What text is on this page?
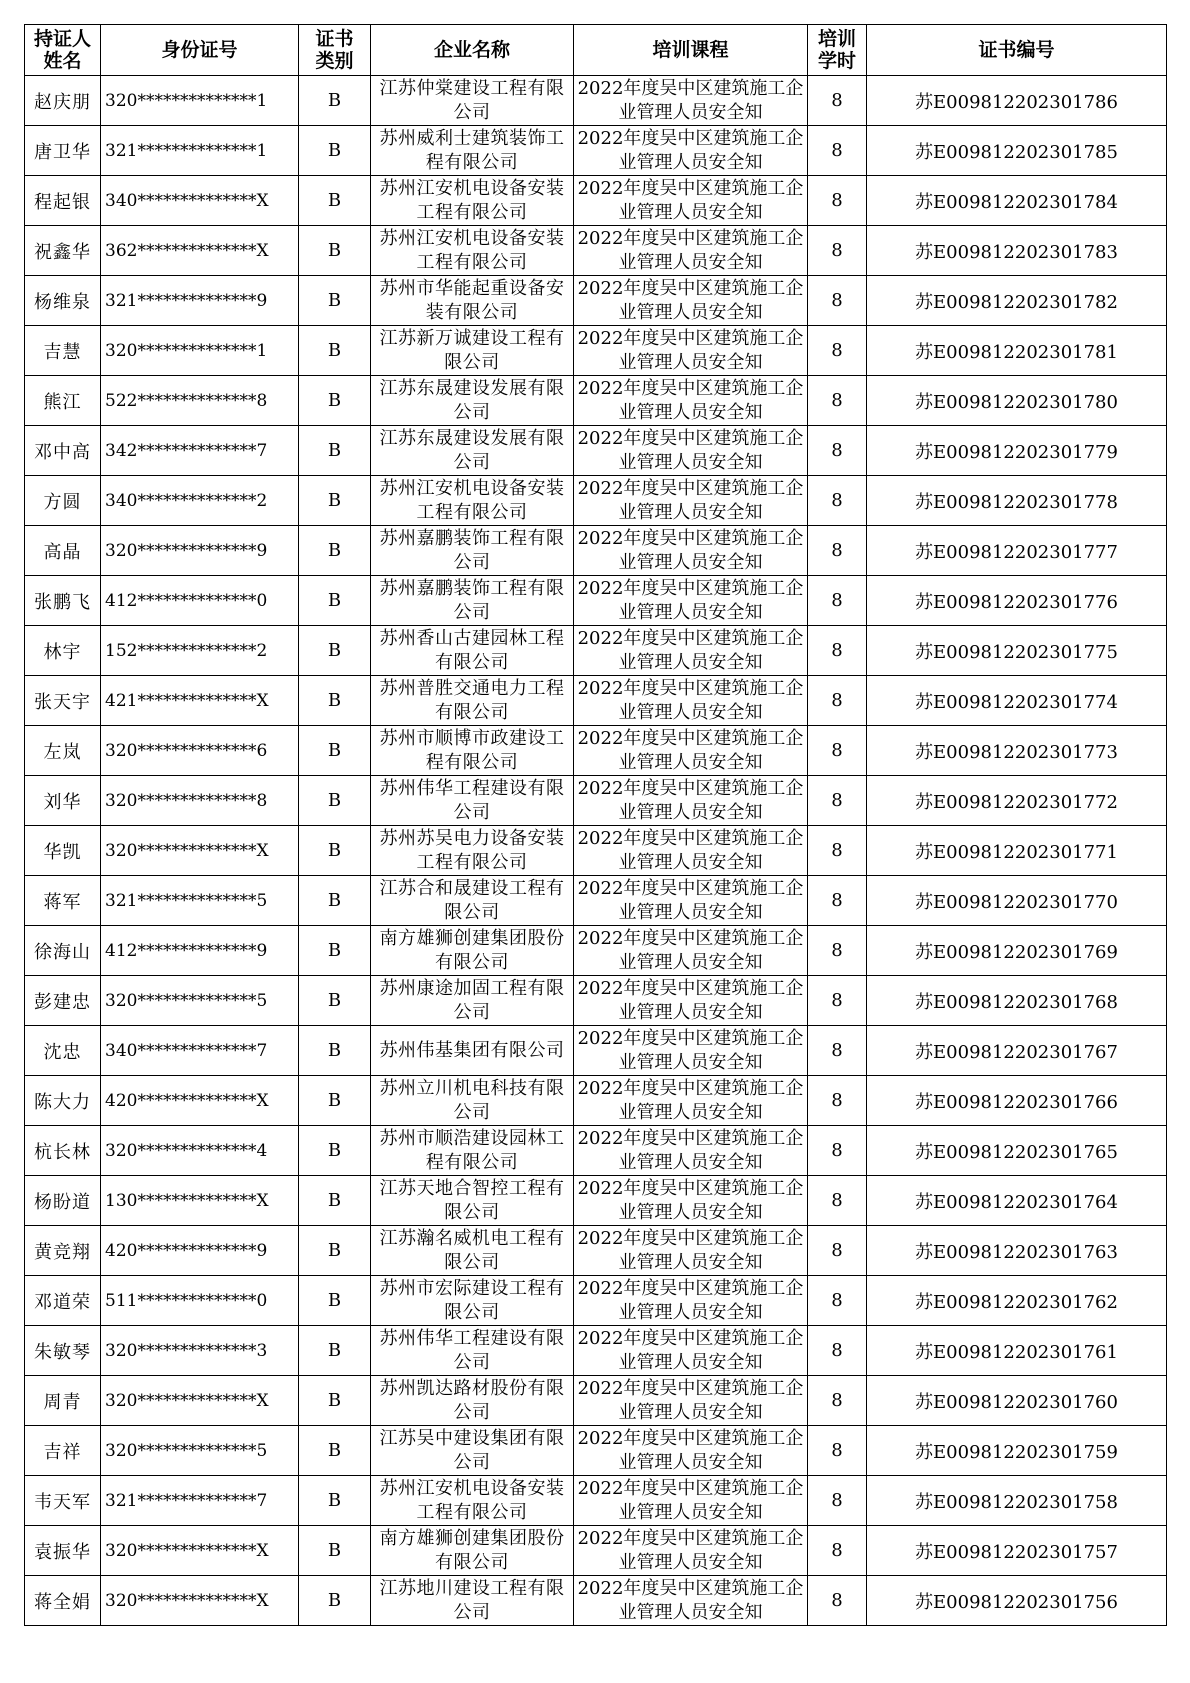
持证人姓名	身份证号	证书类别	企业名称	培训课程	培训学时	证书编号
赵庆朋	320**************1	B	江苏仲棠建设工程有限公司	2022年度吴中区建筑施工企业管理人员安全知	8	苏E009812202301786
唐卫华	321**************1	B	苏州威利士建筑装饰工程有限公司	2022年度吴中区建筑施工企业管理人员安全知	8	苏E009812202301785
程起银	340**************X	B	苏州江安机电设备安装工程有限公司	2022年度吴中区建筑施工企业管理人员安全知	8	苏E009812202301784
祝鑫华	362**************X	B	苏州江安机电设备安装工程有限公司	2022年度吴中区建筑施工企业管理人员安全知	8	苏E009812202301783
杨维泉	321**************9	B	苏州市华能起重设备安装有限公司	2022年度吴中区建筑施工企业管理人员安全知	8	苏E009812202301782
吉慧	320**************1	B	江苏新万诚建设工程有限公司	2022年度吴中区建筑施工企业管理人员安全知	8	苏E009812202301781
熊江	522**************8	B	江苏东晟建设发展有限公司	2022年度吴中区建筑施工企业管理人员安全知	8	苏E009812202301780
邓中高	342**************7	B	江苏东晟建设发展有限公司	2022年度吴中区建筑施工企业管理人员安全知	8	苏E009812202301779
方圆	340**************2	B	苏州江安机电设备安装工程有限公司	2022年度吴中区建筑施工企业管理人员安全知	8	苏E009812202301778
高晶	320**************9	B	苏州嘉鹏装饰工程有限公司	2022年度吴中区建筑施工企业管理人员安全知	8	苏E009812202301777
张鹏飞	412**************0	B	苏州嘉鹏装饰工程有限公司	2022年度吴中区建筑施工企业管理人员安全知	8	苏E009812202301776
林宇	152**************2	B	苏州香山古建园林工程有限公司	2022年度吴中区建筑施工企业管理人员安全知	8	苏E009812202301775
张天宇	421**************X	B	苏州普胜交通电力工程有限公司	2022年度吴中区建筑施工企业管理人员安全知	8	苏E009812202301774
左岚	320**************6	B	苏州市顺博市政建设工程有限公司	2022年度吴中区建筑施工企业管理人员安全知	8	苏E009812202301773
刘华	320**************8	B	苏州伟华工程建设有限公司	2022年度吴中区建筑施工企业管理人员安全知	8	苏E009812202301772
华凯	320**************X	B	苏州苏吴电力设备安装工程有限公司	2022年度吴中区建筑施工企业管理人员安全知	8	苏E009812202301771
蒋军	321**************5	B	江苏合和晟建设工程有限公司	2022年度吴中区建筑施工企业管理人员安全知	8	苏E009812202301770
徐海山	412**************9	B	南方雄狮创建集团股份有限公司	2022年度吴中区建筑施工企业管理人员安全知	8	苏E009812202301769
彭建忠	320**************5	B	苏州康途加固工程有限公司	2022年度吴中区建筑施工企业管理人员安全知	8	苏E009812202301768
沈忠	340**************7	B	苏州伟基集团有限公司	2022年度吴中区建筑施工企业管理人员安全知	8	苏E009812202301767
陈大力	420**************X	B	苏州立川机电科技有限公司	2022年度吴中区建筑施工企业管理人员安全知	8	苏E009812202301766
杭长林	320**************4	B	苏州市顺浩建设园林工程有限公司	2022年度吴中区建筑施工企业管理人员安全知	8	苏E009812202301765
杨盼道	130**************X	B	江苏天地合智控工程有限公司	2022年度吴中区建筑施工企业管理人员安全知	8	苏E009812202301764
黄竞翔	420**************9	B	江苏瀚名威机电工程有限公司	2022年度吴中区建筑施工企业管理人员安全知	8	苏E009812202301763
邓道荣	511**************0	B	苏州市宏际建设工程有限公司	2022年度吴中区建筑施工企业管理人员安全知	8	苏E009812202301762
朱敏琴	320**************3	B	苏州伟华工程建设有限公司	2022年度吴中区建筑施工企业管理人员安全知	8	苏E009812202301761
周青	320**************X	B	苏州凯达路材股份有限公司	2022年度吴中区建筑施工企业管理人员安全知	8	苏E009812202301760
吉祥	320**************5	B	江苏吴中建设集团有限公司	2022年度吴中区建筑施工企业管理人员安全知	8	苏E009812202301759
韦天军	321**************7	B	苏州江安机电设备安装工程有限公司	2022年度吴中区建筑施工企业管理人员安全知	8	苏E009812202301758
袁振华	320**************X	B	南方雄狮创建集团股份有限公司	2022年度吴中区建筑施工企业管理人员安全知	8	苏E009812202301757
蒋全娟	320**************X	B	江苏地川建设工程有限公司	2022年度吴中区建筑施工企业管理人员安全知	8	苏E009812202301756
